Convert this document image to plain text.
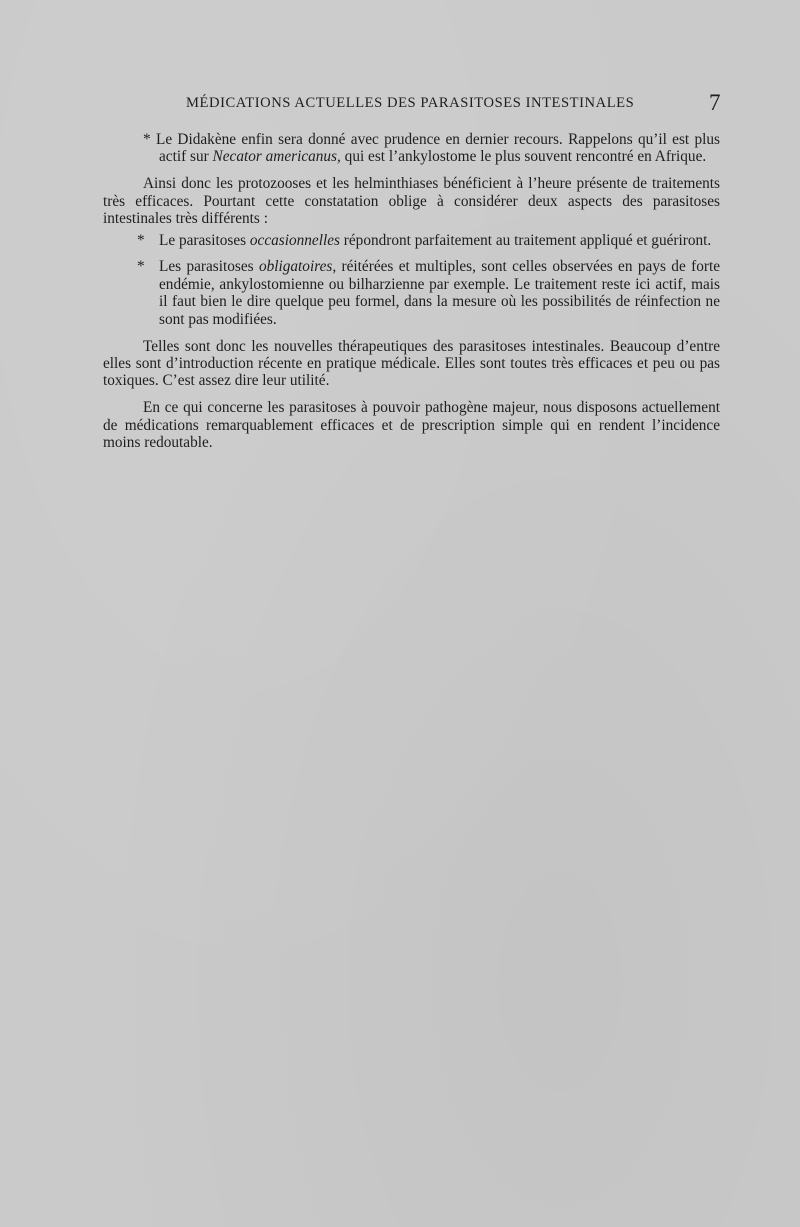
MÉDICATIONS ACTUELLES DES PARASITOSES INTESTINALES	7

* Le Didakène enfin sera donné avec prudence en dernier recours. Rappelons qu’il est plus actif sur Necator americanus, qui est l’ankylostome le plus souvent rencontré en Afrique.

Ainsi donc les protozooses et les helminthiases bénéficient à l’heure présente de traitements très efficaces. Pourtant cette constatation oblige à considérer deux aspects des parasitoses intestinales très différents :

* Le parasitoses occasionnelles répondront parfaitement au traitement appliqué et guériront.

* Les parasitoses obligatoires, réitérées et multiples, sont celles observées en pays de forte endémie, ankylostomienne ou bilharzienne par exemple. Le traitement reste ici actif, mais il faut bien le dire quelque peu formel, dans la mesure où les possibilités de réinfection ne sont pas modifiées.

Telles sont donc les nouvelles thérapeutiques des parasitoses intestinales. Beaucoup d’entre elles sont d’introduction récente en pratique médicale. Elles sont toutes très efficaces et peu ou pas toxiques. C’est assez dire leur utilité.

En ce qui concerne les parasitoses à pouvoir pathogène majeur, nous disposons actuellement de médications remarquablement efficaces et de prescription simple qui en rendent l’incidence moins redoutable.
